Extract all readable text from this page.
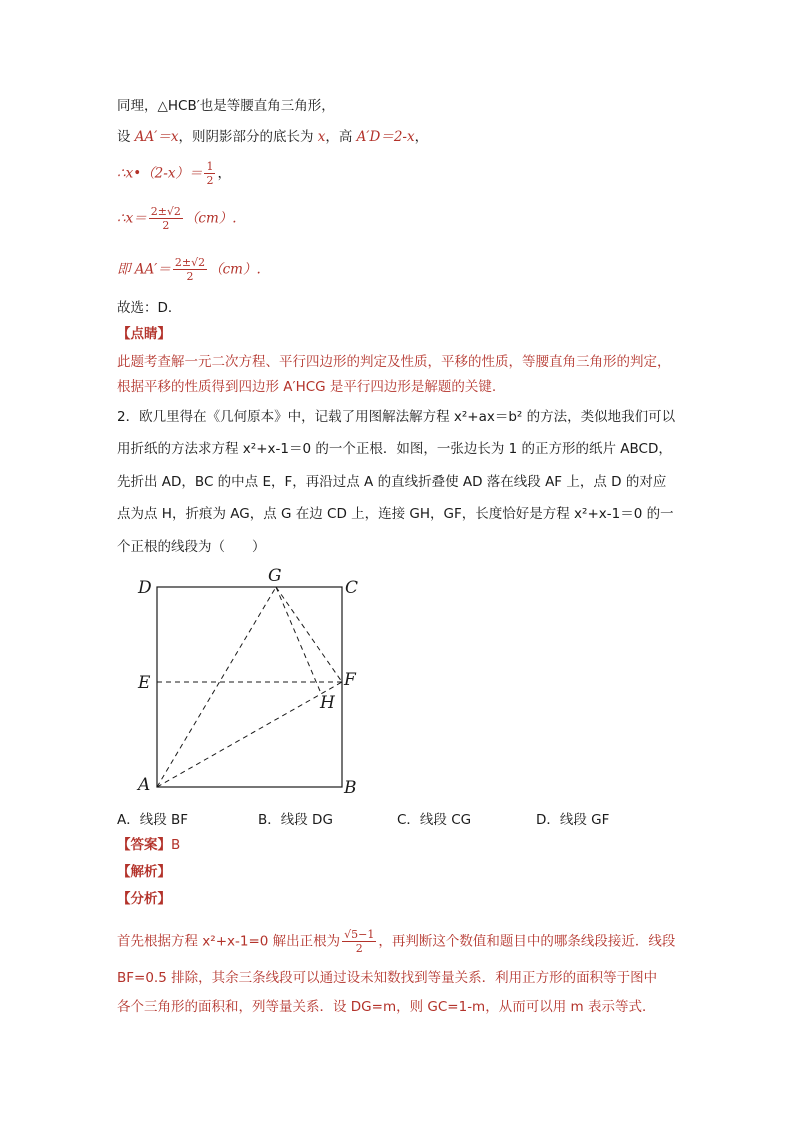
同理，△HCB′也是等腰直角三角形，
设 AA′＝x，则阴影部分的底长为 x，高 A′D＝2-x，
∴x•（2-x）＝ $\frac{1}{2}$ ，
∴x＝ $\frac{2\pm√2}{2} (cm)$.
即 $AA'= \frac{2\pm√2}{2} (cm)$.
故选：D．
【点睛】
此题考查解一元二次方程、平行四边形的判定及性质，平移的性质，等腰直角三角形的判定，
根据平移的性质得到四边形 A′HCG 是平行四边形是解题的关键.
2．欧几里得在《几何原本》中，记载了用图解法解方程 x²+ax＝b² 的方法，类似地我们可以
用折纸的方法求方程 x²+x-1＝0 的一个正根．如图，一张边长为 1 的正方形的纸片 ABCD，
先折出 AD，BC 的中点 E，F，再沿过点 A 的直线折叠使 AD 落在线段 AF 上，点 D 的对应
点为点 H，折痕为 AG，点 G 在边 CD 上，连接 GH，GF，长度恰好是方程 x²+x-1＝0 的一
个正根的线段为（　　）
D
G
C
E	F
H
A	B
A．线段 BF	B．线段 DG	C．线段 CG	D．线段 GF
【答案】B
【解析】
【分析】
首先根据方程 x²+x-1=0 解出正根为 $\frac{√5-1}{2}$ ，再判断这个数值和题目中的哪条线段接近．线段
BF=0.5 排除，其余三条线段可以通过设未知数找到等量关系．利用正方形的面积等于图中
各个三角形的面积和，列等量关系．设 DG=m，则 GC=1-m，从而可以用 m 表示等式．
